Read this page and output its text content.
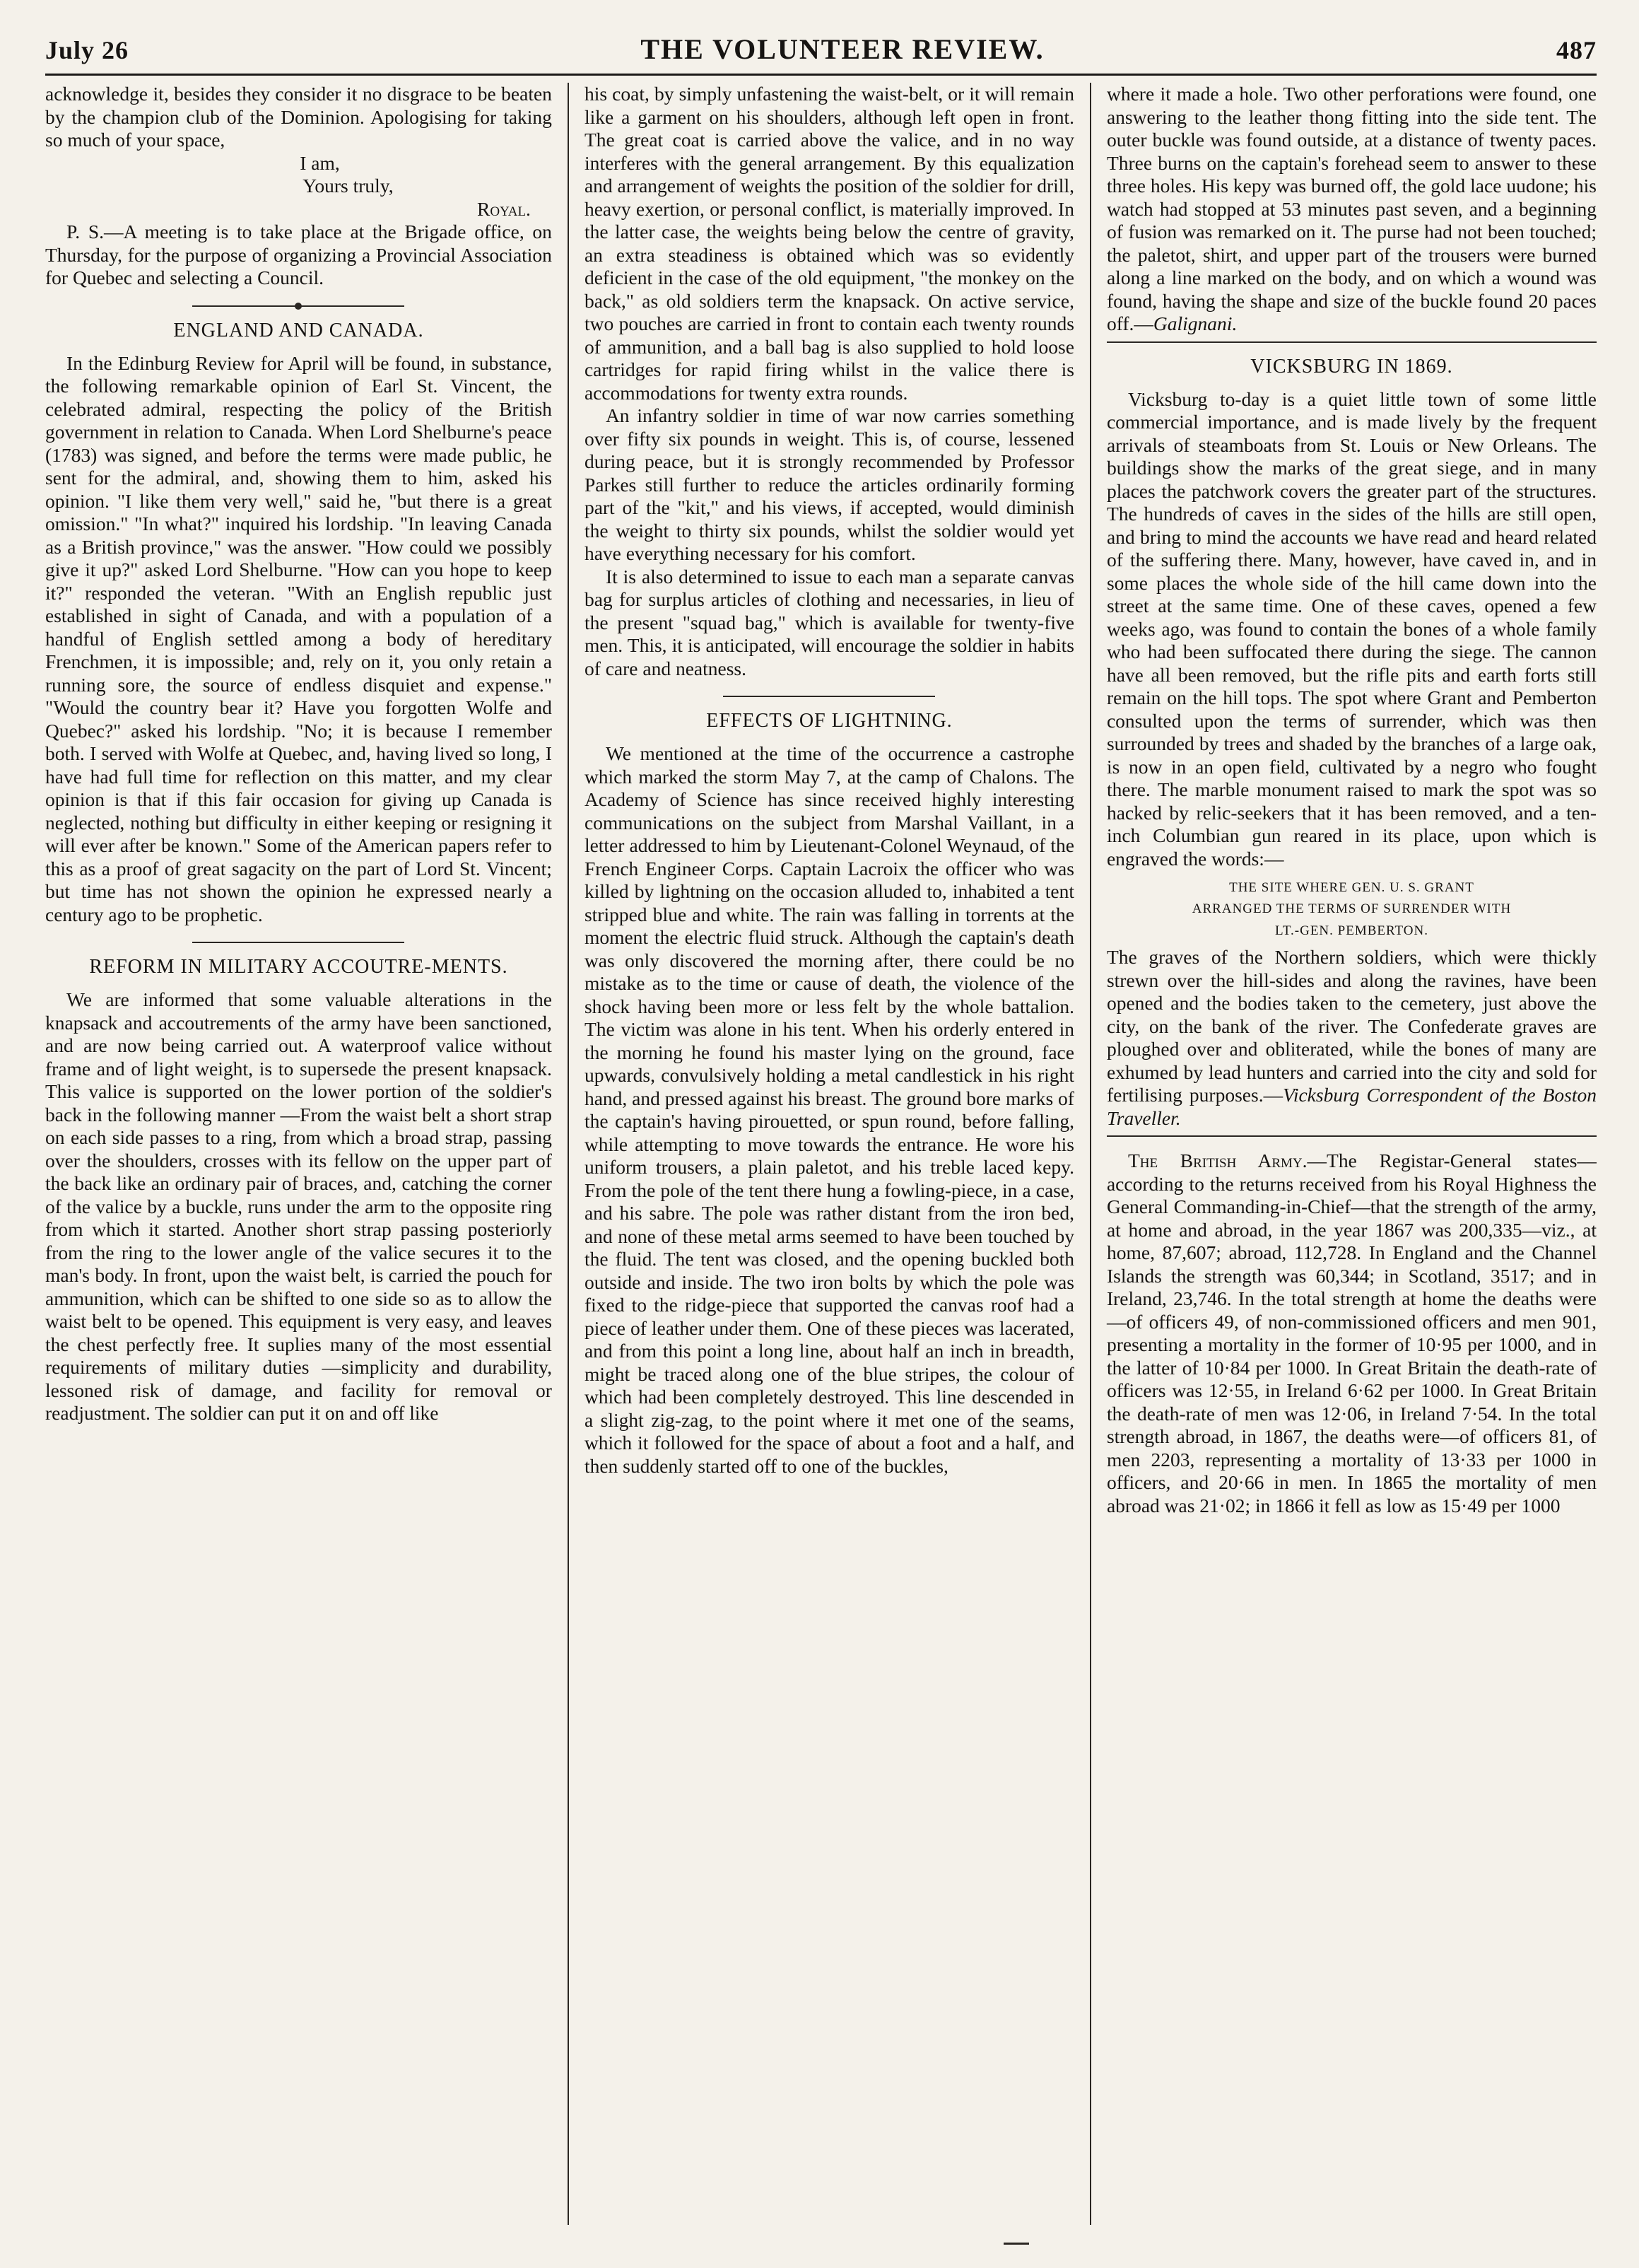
July 26	THE VOLUNTEER REVIEW.	487

acknowledge it, besides they consider it no disgrace to be beaten by the champion club of the Dominion. Apologising for taking so much of your space,

I am,

Yours truly,

Royal.

P. S.—A meeting is to take place at the Brigade office, on Thursday, for the purpose of organizing a Provincial Association for Quebec and selecting a Council.

ENGLAND AND CANADA.

In the Edinburg Review for April will be found, in substance, the following remarkable opinion of Earl St. Vincent, the celebrated admiral, respecting the policy of the British government in relation to Canada. When Lord Shelburne's peace (1783) was signed, and before the terms were made public, he sent for the admiral, and, showing them to him, asked his opinion. "I like them very well," said he, "but there is a great omission." "In what?" inquired his lordship. "In leaving Canada as a British province," was the answer. "How could we possibly give it up?" asked Lord Shelburne. "How can you hope to keep it?" responded the veteran. "With an English republic just established in sight of Canada, and with a population of a handful of English settled among a body of hereditary Frenchmen, it is impossible; and, rely on it, you only retain a running sore, the source of endless disquiet and expense." "Would the country bear it? Have you forgotten Wolfe and Quebec?" asked his lordship. "No; it is because I remember both. I served with Wolfe at Quebec, and, having lived so long, I have had full time for reflection on this matter, and my clear opinion is that if this fair occasion for giving up Canada is neglected, nothing but difficulty in either keeping or resigning it will ever after be known." Some of the American papers refer to this as a proof of great sagacity on the part of Lord St. Vincent; but time has not shown the opinion he expressed nearly a century ago to be prophetic.

REFORM IN MILITARY ACCOUTRE-MENTS.

We are informed that some valuable alterations in the knapsack and accoutrements of the army have been sanctioned, and are now being carried out. A waterproof valice without frame and of light weight, is to supersede the present knapsack. This valice is supported on the lower portion of the soldier's back in the following manner —From the waist belt a short strap on each side passes to a ring, from which a broad strap, passing over the shoulders, crosses with its fellow on the upper part of the back like an ordinary pair of braces, and, catching the corner of the valice by a buckle, runs under the arm to the opposite ring from which it started. Another short strap passing posteriorly from the ring to the lower angle of the valice secures it to the man's body. In front, upon the waist belt, is carried the pouch for ammunition, which can be shifted to one side so as to allow the waist belt to be opened. This equipment is very easy, and leaves the chest perfectly free. It suplies many of the most essential requirements of military duties —simplicity and durability, lessoned risk of damage, and facility for removal or readjustment. The soldier can put it on and off like

his coat, by simply unfastening the waist-belt, or it will remain like a garment on his shoulders, although left open in front. The great coat is carried above the valice, and in no way interferes with the general arrangement. By this equalization and arrangement of weights the position of the soldier for drill, heavy exertion, or personal conflict, is materially improved. In the latter case, the weights being below the centre of gravity, an extra steadiness is obtained which was so evidently deficient in the case of the old equipment, "the monkey on the back," as old soldiers term the knapsack. On active service, two pouches are carried in front to contain each twenty rounds of ammunition, and a ball bag is also supplied to hold loose cartridges for rapid firing whilst in the valice there is accommodations for twenty extra rounds.

An infantry soldier in time of war now carries something over fifty six pounds in weight. This is, of course, lessened during peace, but it is strongly recommended by Professor Parkes still further to reduce the articles ordinarily forming part of the "kit," and his views, if accepted, would diminish the weight to thirty six pounds, whilst the soldier would yet have everything necessary for his comfort.

It is also determined to issue to each man a separate canvas bag for surplus articles of clothing and necessaries, in lieu of the present "squad bag," which is available for twenty-five men. This, it is anticipated, will encourage the soldier in habits of care and neatness.

EFFECTS OF LIGHTNING.

We mentioned at the time of the occurrence a castrophe which marked the storm May 7, at the camp of Chalons. The Academy of Science has since received highly interesting communications on the subject from Marshal Vaillant, in a letter addressed to him by Lieutenant-Colonel Weynaud, of the French Engineer Corps. Captain Lacroix the officer who was killed by lightning on the occasion alluded to, inhabited a tent stripped blue and white. The rain was falling in torrents at the moment the electric fluid struck. Although the captain's death was only discovered the morning after, there could be no mistake as to the time or cause of death, the violence of the shock having been more or less felt by the whole battalion. The victim was alone in his tent. When his orderly entered in the morning he found his master lying on the ground, face upwards, convulsively holding a metal candlestick in his right hand, and pressed against his breast. The ground bore marks of the captain's having pirouetted, or spun round, before falling, while attempting to move towards the entrance. He wore his uniform trousers, a plain paletot, and his treble laced kepy. From the pole of the tent there hung a fowling-piece, in a case, and his sabre. The pole was rather distant from the iron bed, and none of these metal arms seemed to have been touched by the fluid. The tent was closed, and the opening buckled both outside and inside. The two iron bolts by which the pole was fixed to the ridge-piece that supported the canvas roof had a piece of leather under them. One of these pieces was lacerated, and from this point a long line, about half an inch in breadth, might be traced along one of the blue stripes, the colour of which had been completely destroyed. This line descended in a slight zig-zag, to the point where it met one of the seams, which it followed for the space of about a foot and a half, and then suddenly started off to one of the buckles,

where it made a hole. Two other perforations were found, one answering to the leather thong fitting into the side tent. The outer buckle was found outside, at a distance of twenty paces. Three burns on the captain's forehead seem to answer to these three holes. His kepy was burned off, the gold lace uudone; his watch had stopped at 53 minutes past seven, and a beginning of fusion was remarked on it. The purse had not been touched; the paletot, shirt, and upper part of the trousers were burned along a line marked on the body, and on which a wound was found, having the shape and size of the buckle found 20 paces off.—Galignani.

VICKSBURG IN 1869.

Vicksburg to-day is a quiet little town of some little commercial importance, and is made lively by the frequent arrivals of steamboats from St. Louis or New Orleans. The buildings show the marks of the great siege, and in many places the patchwork covers the greater part of the structures. The hundreds of caves in the sides of the hills are still open, and bring to mind the accounts we have read and heard related of the suffering there. Many, however, have caved in, and in some places the whole side of the hill came down into the street at the same time. One of these caves, opened a few weeks ago, was found to contain the bones of a whole family who had been suffocated there during the siege. The cannon have all been removed, but the rifle pits and earth forts still remain on the hill tops. The spot where Grant and Pemberton consulted upon the terms of surrender, which was then surrounded by trees and shaded by the branches of a large oak, is now in an open field, cultivated by a negro who fought there. The marble monument raised to mark the spot was so hacked by relic-seekers that it has been removed, and a ten-inch Columbian gun reared in its place, upon which is engraved the words:—

THE SITE WHERE GEN. U. S. GRANT
ARRANGED THE TERMS OF SURRENDER WITH
LT.-GEN. PEMBERTON.

The graves of the Northern soldiers, which were thickly strewn over the hill-sides and along the ravines, have been opened and the bodies taken to the cemetery, just above the city, on the bank of the river. The Confederate graves are ploughed over and obliterated, while the bones of many are exhumed by lead hunters and carried into the city and sold for fertilising purposes.—Vicksburg Correspondent of the Boston Traveller.

The British Army.—The Registar-General states—according to the returns received from his Royal Highness the General Commanding-in-Chief—that the strength of the army, at home and abroad, in the year 1867 was 200,335—viz., at home, 87,607; abroad, 112,728. In England and the Channel Islands the strength was 60,344; in Scotland, 3517; and in Ireland, 23,746. In the total strength at home the deaths were—of officers 49, of non-commissioned officers and men 901, presenting a mortality in the former of 10·95 per 1000, and in the latter of 10·84 per 1000. In Great Britain the death-rate of officers was 12·55, in Ireland 6·62 per 1000. In Great Britain the death-rate of men was 12·06, in Ireland 7·54. In the total strength abroad, in 1867, the deaths were—of officers 81, of men 2203, representing a mortality of 13·33 per 1000 in officers, and 20·66 in men. In 1865 the mortality of men abroad was 21·02; in 1866 it fell as low as 15·49 per 1000
